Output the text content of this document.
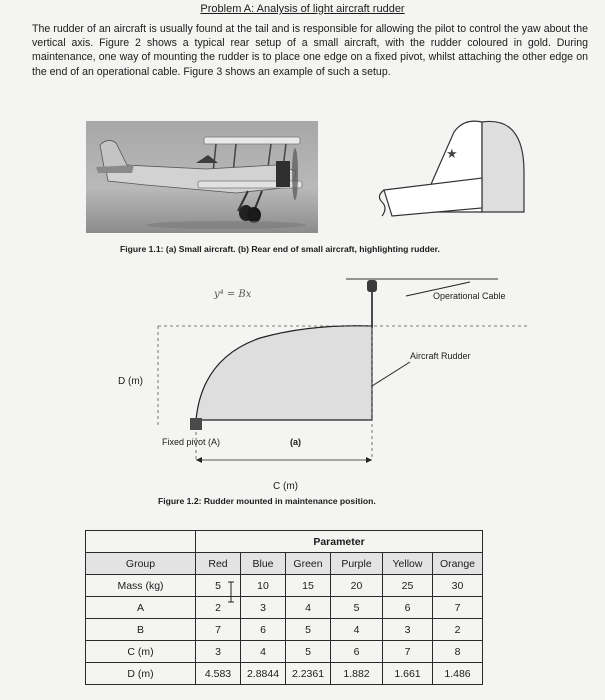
Problem A: Analysis of light aircraft rudder
The rudder of an aircraft is usually found at the tail and is responsible for allowing the pilot to control the yaw about the vertical axis. Figure 2 shows a typical rear setup of a small aircraft, with the rudder coloured in gold. During maintenance, one way of mounting the rudder is to place one edge on a fixed pivot, whilst attaching the other edge on the end of an operational cable. Figure 3 shows an example of such a setup.
★
Figure 1.1: (a) Small aircraft. (b) Rear end of small aircraft, highlighting rudder.
y⁴ = Bx	Operational Cable
Aircraft Rudder
D (m)
Fixed pivot (A)	(a)
C (m)
Figure 1.2: Rudder mounted in maintenance position.
	Parameter					
Group	Red	Blue	Green	Purple	Yellow	Orange
Mass (kg)	5	10	15	20	25	30
A	2	3	4	5	6	7
B	7	6	5	4	3	2
C (m)	3	4	5	6	7	8
D (m)	4.583	2.8844	2.2361	1.882	1.661	1.486
